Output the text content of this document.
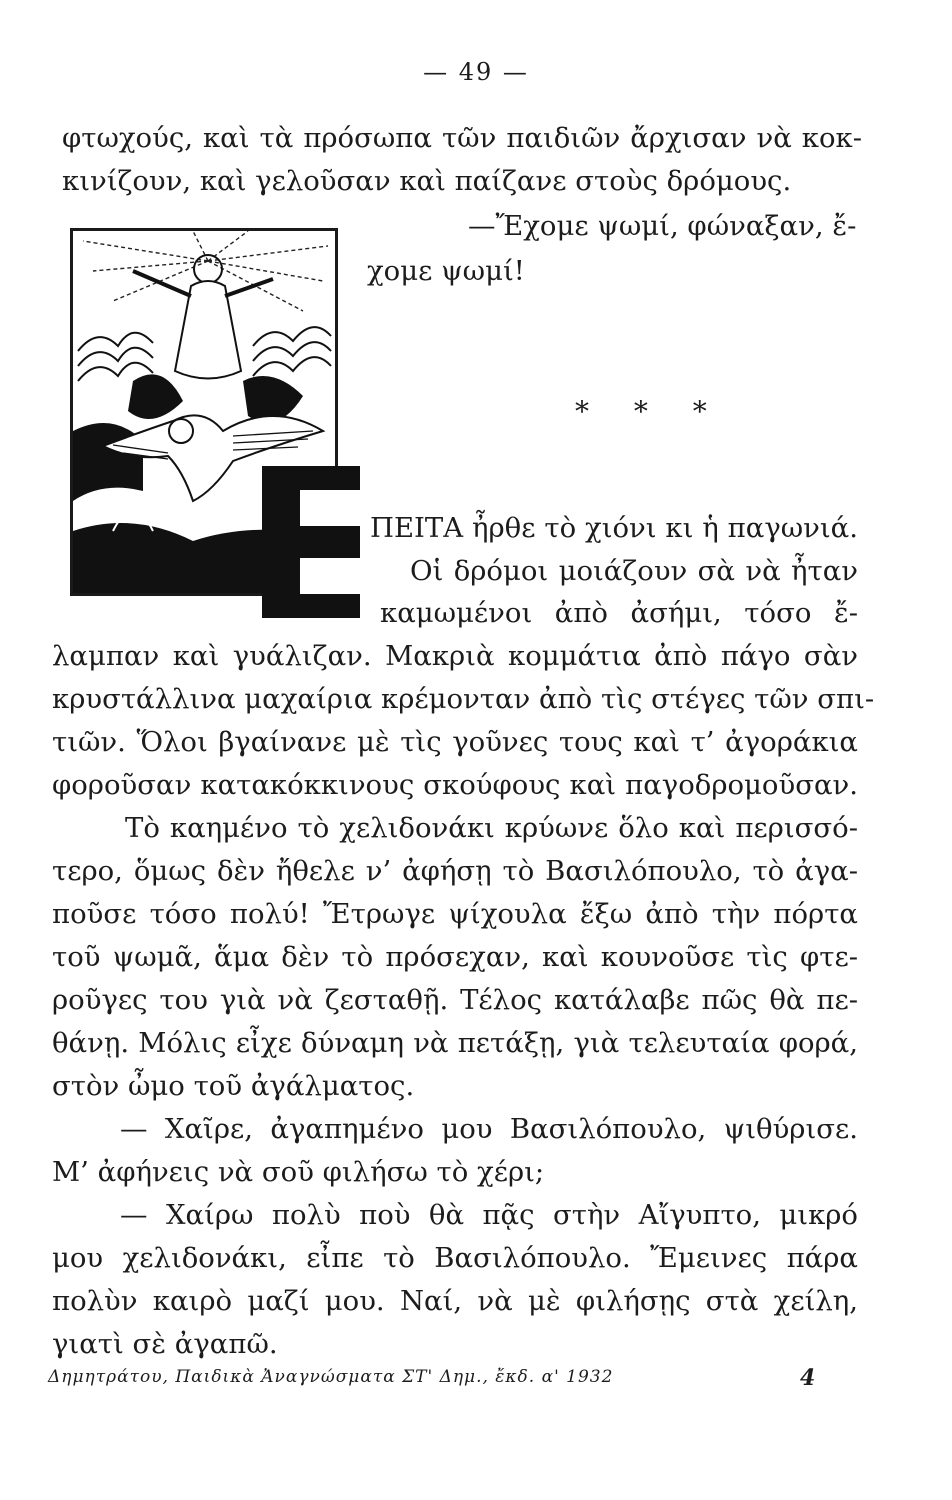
— 49 —
φτωχούς, καὶ τὰ πρόσωπα τῶν παιδιῶν ἄρχισαν νὰ κοκ-
κινίζουν, καὶ γελοῦσαν καὶ παίζανε στοὺς δρόμους.
—Ἔχομε ψωμί, φώναξαν, ἔ-
χομε ψωμί!
* * *
ΠΕΙΤΑ ἦρθε τὸ χιόνι κι ἡ παγωνιά.
Οἱ δρόμοι μοιάζουν σὰ νὰ ἦταν
καμωμένοι ἀπὸ ἀσήμι, τόσο ἔ-
λαμπαν καὶ γυάλιζαν. Μακριὰ κομμάτια ἀπὸ πάγο σὰν
κρυστάλλινα μαχαίρια κρέμονταν ἀπὸ τὶς στέγες τῶν σπι-
τιῶν. Ὅλοι βγαίνανε μὲ τὶς γοῦνες τους καὶ τ’ ἀγοράκια
φοροῦσαν κατακόκκινους σκούφους καὶ παγοδρομοῦσαν.
Τὸ καημένο τὸ χελιδονάκι κρύωνε ὅλο καὶ περισσό-
τερο, ὅμως δὲν ἤθελε ν’ ἀφήσῃ τὸ Βασιλόπουλο, τὸ ἀγα-
ποῦσε τόσο πολύ! Ἔτρωγε ψίχουλα ἔξω ἀπὸ τὴν πόρτα
τοῦ ψωμᾶ, ἅμα δὲν τὸ πρόσεχαν, καὶ κουνοῦσε τὶς φτε-
ροῦγες του γιὰ νὰ ζεσταθῇ. Τέλος κατάλαβε πῶς θὰ πε-
θάνῃ. Μόλις εἶχε δύναμη νὰ πετάξῃ, γιὰ τελευταία φορά,
στὸν ὦμο τοῦ ἀγάλματος.
— Χαῖρε, ἀγαπημένο μου Βασιλόπουλο, ψιθύρισε.
Μ’ ἀφήνεις νὰ σοῦ φιλήσω τὸ χέρι;
— Χαίρω πολὺ ποὺ θὰ πᾷς στὴν Αἴγυπτο, μικρό
μου χελιδονάκι, εἶπε τὸ Βασιλόπουλο. Ἔμεινες πάρα
πολὺν καιρὸ μαζί μου. Ναί, νὰ μὲ φιλήσῃς στὰ χείλη,
γιατὶ σὲ ἀγαπῶ.
Δημητράτου, Παιδικὰ Ἀναγνώσματα ΣΤ' Δημ., ἔκδ. α' 1932	4
